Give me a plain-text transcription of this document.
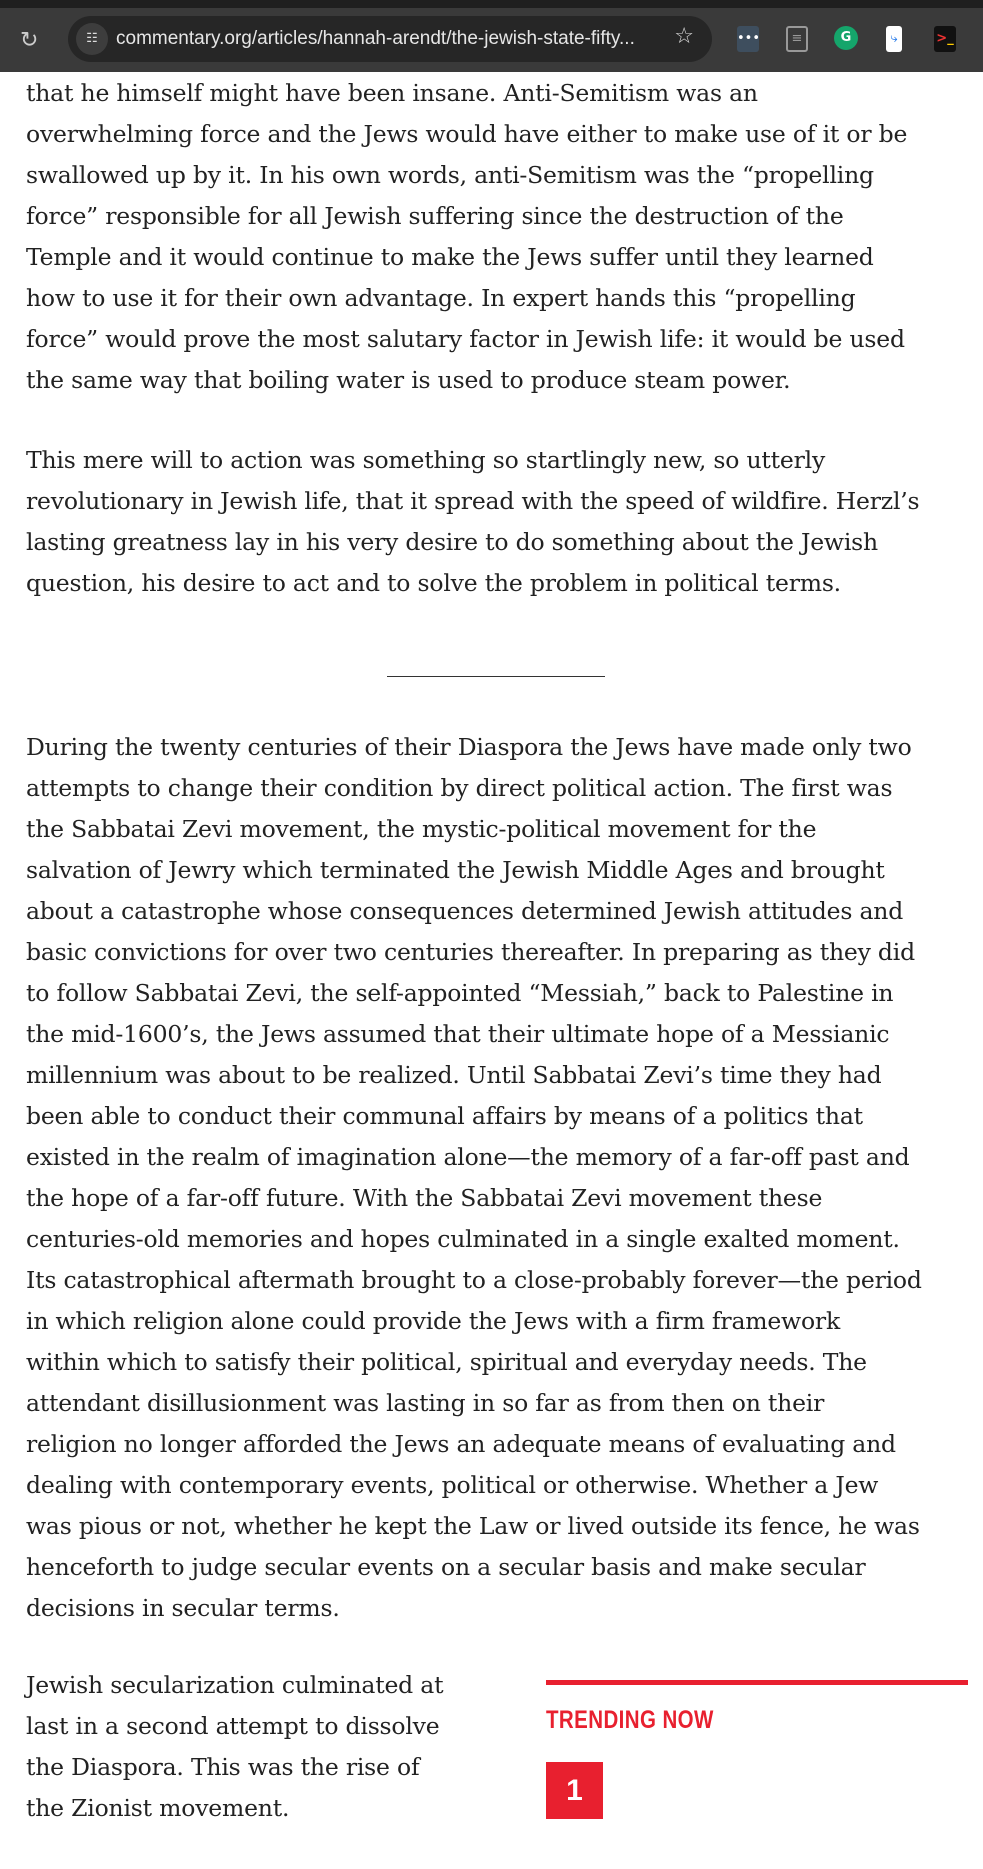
↻	☷ commentary.org/articles/hannah-arendt/the-jewish-state-fifty... ☆	•••	≡	G	⤷	>_
that he himself might have been insane. Anti-Semitism was an
overwhelming force and the Jews would have either to make use of it or be
swallowed up by it. In his own words, anti-Semitism was the “propelling
force” responsible for all Jewish suffering since the destruction of the
Temple and it would continue to make the Jews suffer until they learned
how to use it for their own advantage. In expert hands this “propelling
force” would prove the most salutary factor in Jewish life: it would be used
the same way that boiling water is used to produce steam power.
This mere will to action was something so startlingly new, so utterly
revolutionary in Jewish life, that it spread with the speed of wildfire. Herzl’s
lasting greatness lay in his very desire to do something about the Jewish
question, his desire to act and to solve the problem in political terms.
During the twenty centuries of their Diaspora the Jews have made only two
attempts to change their condition by direct political action. The first was
the Sabbatai Zevi movement, the mystic-political movement for the
salvation of Jewry which terminated the Jewish Middle Ages and brought
about a catastrophe whose consequences determined Jewish attitudes and
basic convictions for over two centuries thereafter. In preparing as they did
to follow Sabbatai Zevi, the self-appointed “Messiah,” back to Palestine in
the mid-1600’s, the Jews assumed that their ultimate hope of a Messianic
millennium was about to be realized. Until Sabbatai Zevi’s time they had
been able to conduct their communal affairs by means of a politics that
existed in the realm of imagination alone—the memory of a far-off past and
the hope of a far-off future. With the Sabbatai Zevi movement these
centuries-old memories and hopes culminated in a single exalted moment.
Its catastrophical aftermath brought to a close-probably forever—the period
in which religion alone could provide the Jews with a firm framework
within which to satisfy their political, spiritual and everyday needs. The
attendant disillusionment was lasting in so far as from then on their
religion no longer afforded the Jews an adequate means of evaluating and
dealing with contemporary events, political or otherwise. Whether a Jew
was pious or not, whether he kept the Law or lived outside its fence, he was
henceforth to judge secular events on a secular basis and make secular
decisions in secular terms.
Jewish secularization culminated at
last in a second attempt to dissolve
the Diaspora. This was the rise of
the Zionist movement.
TRENDING NOW
1
